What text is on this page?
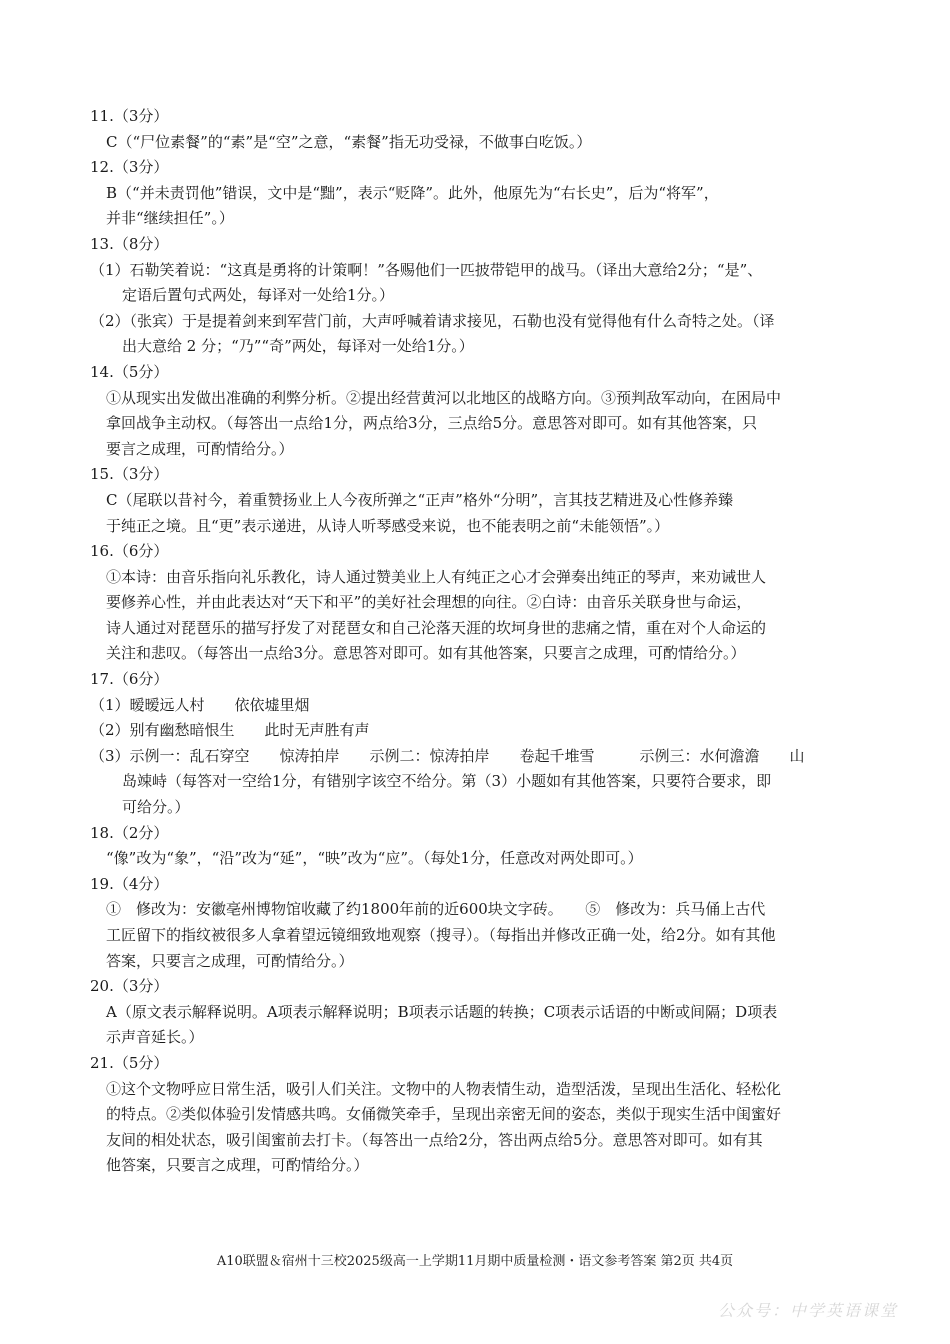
11.（3分）
C（“尸位素餐”的“素”是“空”之意，“素餐”指无功受禄，不做事白吃饭。）
12.（3分）
B（“并未责罚他”错误，文中是“黜”，表示“贬降”。此外，他原先为“右长史”，后为“将军”，
并非“继续担任”。）
13.（8分）
（1）石勒笑着说：“这真是勇将的计策啊！”各赐他们一匹披带铠甲的战马。（译出大意给2分；“是”、
定语后置句式两处，每译对一处给1分。）
（2）（张宾）于是提着剑来到军营门前，大声呼喊着请求接见，石勒也没有觉得他有什么奇特之处。（译
出大意给 2 分；“乃”“奇”两处，每译对一处给1分。）
14.（5分）
①从现实出发做出准确的利弊分析。②提出经营黄河以北地区的战略方向。③预判敌军动向，在困局中
拿回战争主动权。（每答出一点给1分，两点给3分，三点给5分。意思答对即可。如有其他答案，只
要言之成理，可酌情给分。）
15.（3分）
C（尾联以昔衬今，着重赞扬业上人今夜所弹之“正声”格外“分明”，言其技艺精进及心性修养臻
于纯正之境。且“更”表示递进，从诗人听琴感受来说，也不能表明之前“未能领悟”。）
16.（6分）
①本诗：由音乐指向礼乐教化，诗人通过赞美业上人有纯正之心才会弹奏出纯正的琴声，来劝诫世人
要修养心性，并由此表达对“天下和平”的美好社会理想的向往。②白诗：由音乐关联身世与命运，
诗人通过对琵琶乐的描写抒发了对琵琶女和自己沦落天涯的坎坷身世的悲痛之情，重在对个人命运的
关注和悲叹。（每答出一点给3分。意思答对即可。如有其他答案，只要言之成理，可酌情给分。）
17.（6分）
（1）暧暧远人村　　依依墟里烟
（2）别有幽愁暗恨生　　此时无声胜有声
（3）示例一：乱石穿空　　惊涛拍岸　　示例二：惊涛拍岸　　卷起千堆雪　　　示例三：水何澹澹　　山
岛竦峙（每答对一空给1分，有错别字该空不给分。第（3）小题如有其他答案，只要符合要求，即
可给分。）
18.（2分）
“像”改为“象”，“沿”改为“延”，“映”改为“应”。（每处1分，任意改对两处即可。）
19.（4分）
①　修改为：安徽亳州博物馆收藏了约1800年前的近600块文字砖。　　⑤　修改为：兵马俑上古代
工匠留下的指纹被很多人拿着望远镜细致地观察（搜寻）。（每指出并修改正确一处，给2分。如有其他
答案，只要言之成理，可酌情给分。）
20.（3分）
A（原文表示解释说明。A项表示解释说明；B项表示话题的转换；C项表示话语的中断或间隔；D项表
示声音延长。）
21.（5分）
①这个文物呼应日常生活，吸引人们关注。文物中的人物表情生动，造型活泼，呈现出生活化、轻松化
的特点。②类似体验引发情感共鸣。女俑微笑牵手，呈现出亲密无间的姿态，类似于现实生活中闺蜜好
友间的相处状态，吸引闺蜜前去打卡。（每答出一点给2分，答出两点给5分。意思答对即可。如有其
他答案，只要言之成理，可酌情给分。）
A10联盟＆宿州十三校2025级高一上学期11月期中质量检测・语文参考答案 第2页 共4页
公众号：中学英语课堂
